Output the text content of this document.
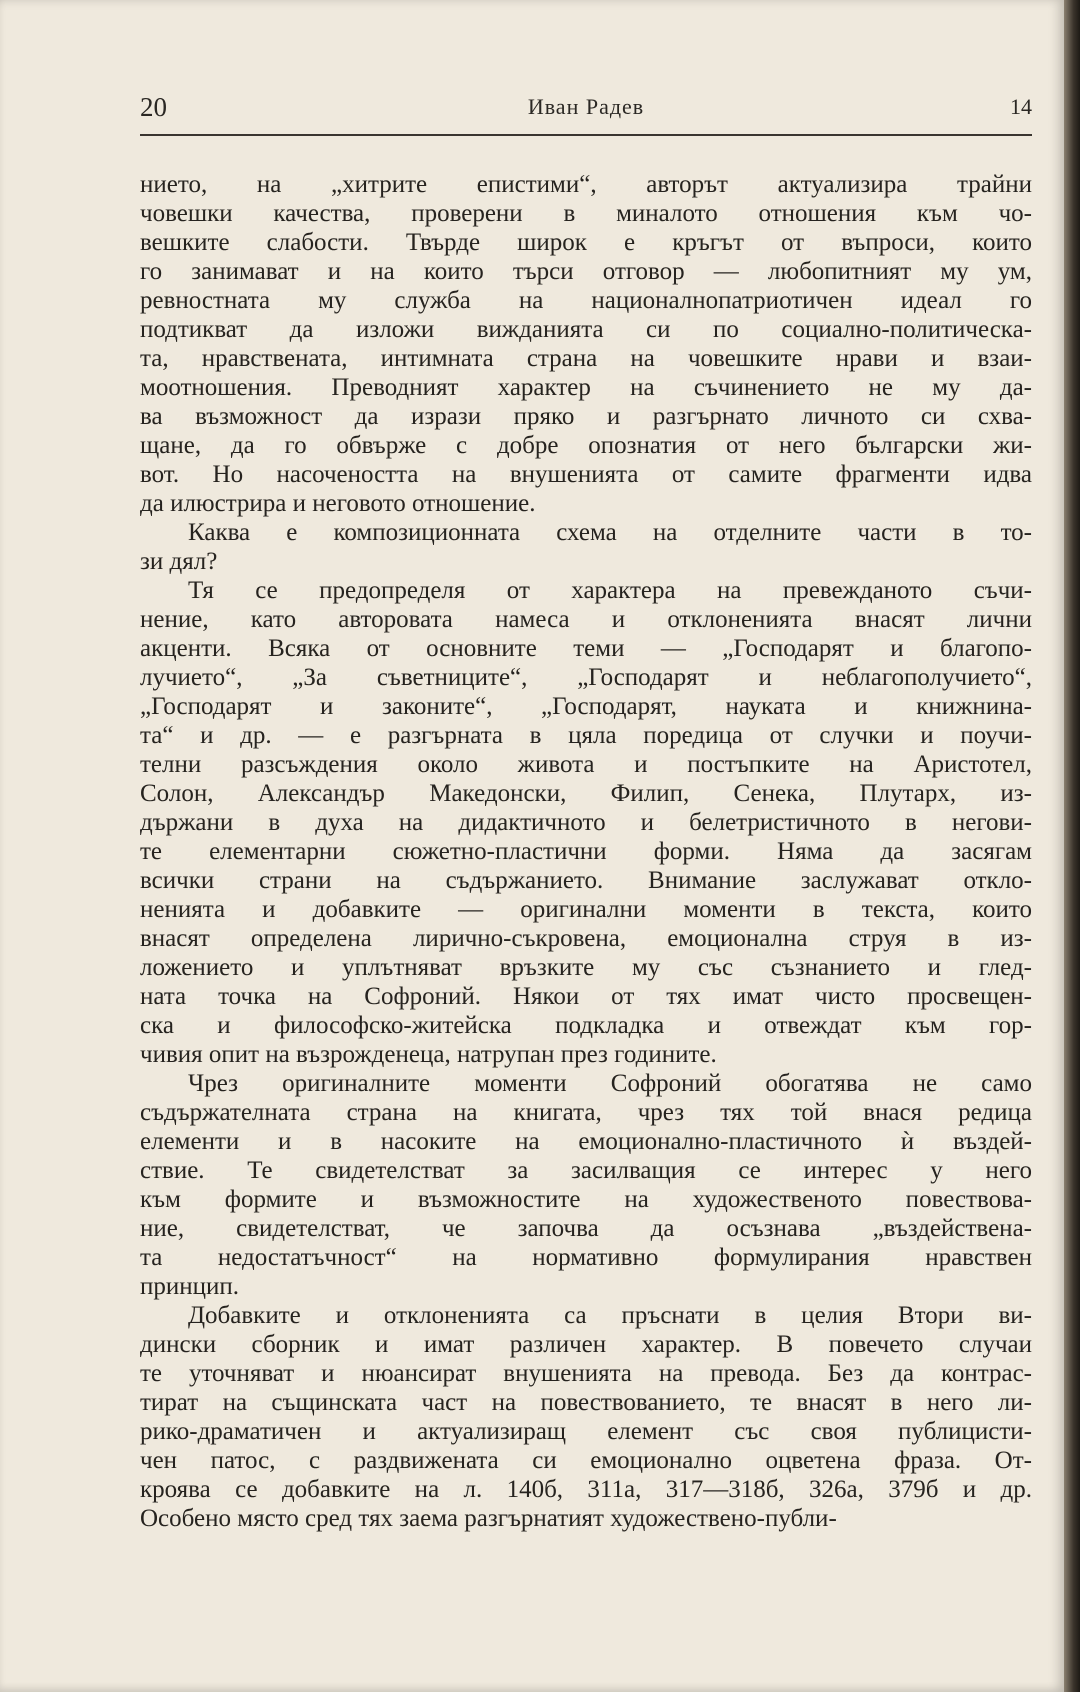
20	Иван Радев	14
нието, на „хитрите епистими“, авторът актуализира трайни
човешки качества, проверени в миналото отношения към чо-
вешките слабости. Твърде широк е кръгът от въпроси, които
го занимават и на които търси отговор — любопитният му ум,
ревностната му служба на националнопатриотичен идеал го
подтикват да изложи вижданията си по социално-политическа-
та, нравствената, интимната страна на човешките нрави и взаи-
моотношения. Преводният характер на съчинението не му да-
ва възможност да изрази пряко и разгърнато личното си схва-
щане, да го обвърже с добре опознатия от него български жи-
вот. Но насочеността на внушенията от самите фрагменти идва
да илюстрира и неговото отношение.
Каква е композиционната схема на отделните части в то-
зи дял?
Тя се предопределя от характера на превежданото съчи-
нение, като авторовата намеса и отклоненията внасят лични
акценти. Всяка от основните теми — „Господарят и благопо-
лучието“, „За съветниците“, „Господарят и неблагополучието“,
„Господарят и законите“, „Господарят, науката и книжнина-
та“ и др. — е разгърната в цяла поредица от случки и поучи-
телни разсъждения около живота и постъпките на Аристотел,
Солон, Александър Македонски, Филип, Сенека, Плутарх, из-
държани в духа на дидактичното и белетристичното в негови-
те елементарни сюжетно-пластични форми. Няма да засягам
всички страни на съдържанието. Внимание заслужават откло-
ненията и добавките — оригинални моменти в текста, които
внасят определена лирично-съкровена, емоционална струя в из-
ложението и уплътняват връзките му със съзнанието и глед-
ната точка на Софроний. Някои от тях имат чисто просвещен-
ска и философско-житейска подкладка и отвеждат към гор-
чивия опит на възрожденеца, натрупан през годините.
Чрез оригиналните моменти Софроний обогатява не само
съдържателната страна на книгата, чрез тях той внася редица
елементи и в насоките на емоционално-пластичното ѝ въздей-
ствие. Те свидетелстват за засилващия се интерес у него
към формите и възможностите на художественото повествова-
ние, свидетелстват, че започва да осъзнава „въздействена-
та недостатъчност“ на нормативно формулирания нравствен
принцип.
Добавките и отклоненията са пръснати в целия Втори ви-
дински сборник и имат различен характер. В повечето случаи
те уточняват и нюансират внушенията на превода. Без да контрас-
тират на същинската част на повествованието, те внасят в него ли-
рико-драматичен и актуализиращ елемент със своя публицисти-
чен патос, с раздвижената си емоционално оцветена фраза. От-
кроява се добавките на л. 140б, 311а, 317—318б, 326а, 379б и др.
Особено място сред тях заема разгърнатият художествено-публи-
